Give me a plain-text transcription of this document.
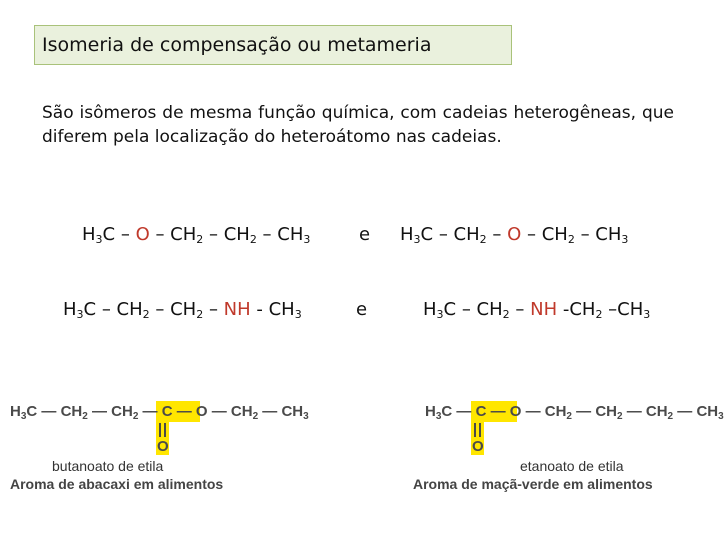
Isomeria de compensação ou metameria
São isômeros de mesma função química, com cadeias heterogêneas, que diferem pela localização do heteroátomo nas cadeias.
$H_3C$ – O – $CH_2 - CH_2 - CH_3$	e $H_3C - CH_2$ – O – $CH_2 - CH_3$
$H_3C - CH_2 - CH_2$ – NH - $CH_3$	e	$H_3C - CH_2$ – NH $-CH_2$ $-CH_3$
$H_3C$ — $CH_2$ — $CH_2$ — C — O — $CH_2$ — $CH_3$
O
butanoato de etila
Aroma de abacaxi em alimentos
$H_3C$ — C — O — $CH_2$ — $CH_2$ — $CH_2$ — $CH_3$
O
etanoato de etila
Aroma de maçã-verde em alimentos
